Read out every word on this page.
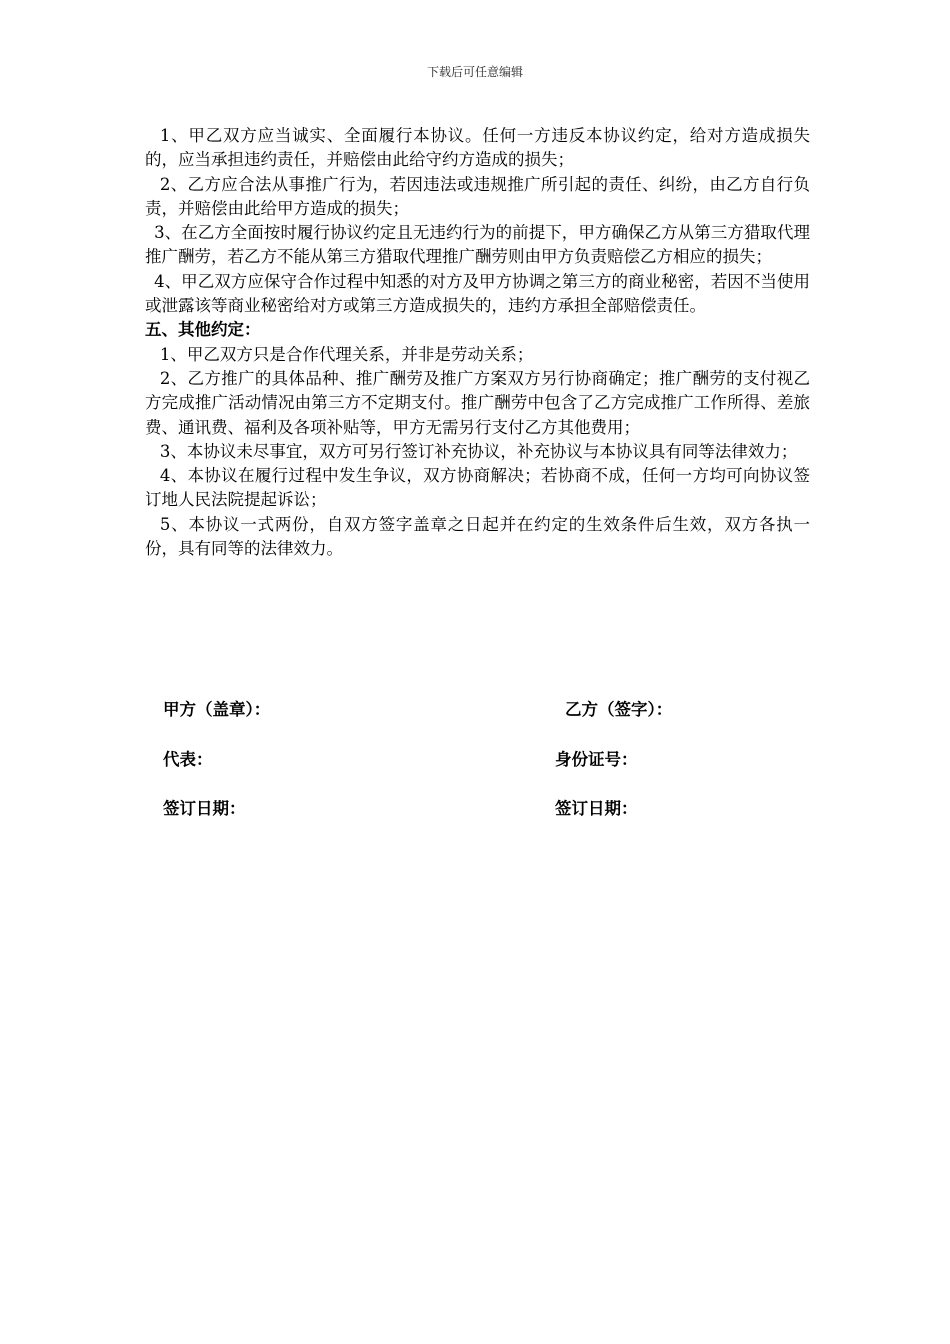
下载后可任意编辑

1、甲乙双方应当诚实、全面履行本协议。任何一方违反本协议约定，给对方造成损失的，应当承担违约责任，并赔偿由此给守约方造成的损失；

2、乙方应合法从事推广行为，若因违法或违规推广所引起的责任、纠纷，由乙方自行负责，并赔偿由此给甲方造成的损失；

3、在乙方全面按时履行协议约定且无违约行为的前提下，甲方确保乙方从第三方猎取代理推广酬劳，若乙方不能从第三方猎取代理推广酬劳则由甲方负责赔偿乙方相应的损失；

4、甲乙双方应保守合作过程中知悉的对方及甲方协调之第三方的商业秘密，若因不当使用或泄露该等商业秘密给对方或第三方造成损失的，违约方承担全部赔偿责任。

五、其他约定：

1、甲乙双方只是合作代理关系，并非是劳动关系；

2、乙方推广的具体品种、推广酬劳及推广方案双方另行协商确定；推广酬劳的支付视乙方完成推广活动情况由第三方不定期支付。推广酬劳中包含了乙方完成推广工作所得、差旅费、通讯费、福利及各项补贴等，甲方无需另行支付乙方其他费用；

3、本协议未尽事宜，双方可另行签订补充协议，补充协议与本协议具有同等法律效力；

4、本协议在履行过程中发生争议，双方协商解决；若协商不成，任何一方均可向协议签订地人民法院提起诉讼；

5、本协议一式两份，自双方签字盖章之日起并在约定的生效条件后生效，双方各执一份，具有同等的法律效力。

甲方（盖章）：	乙方（签字）：
代表：	身份证号：
签订日期：	签订日期：
